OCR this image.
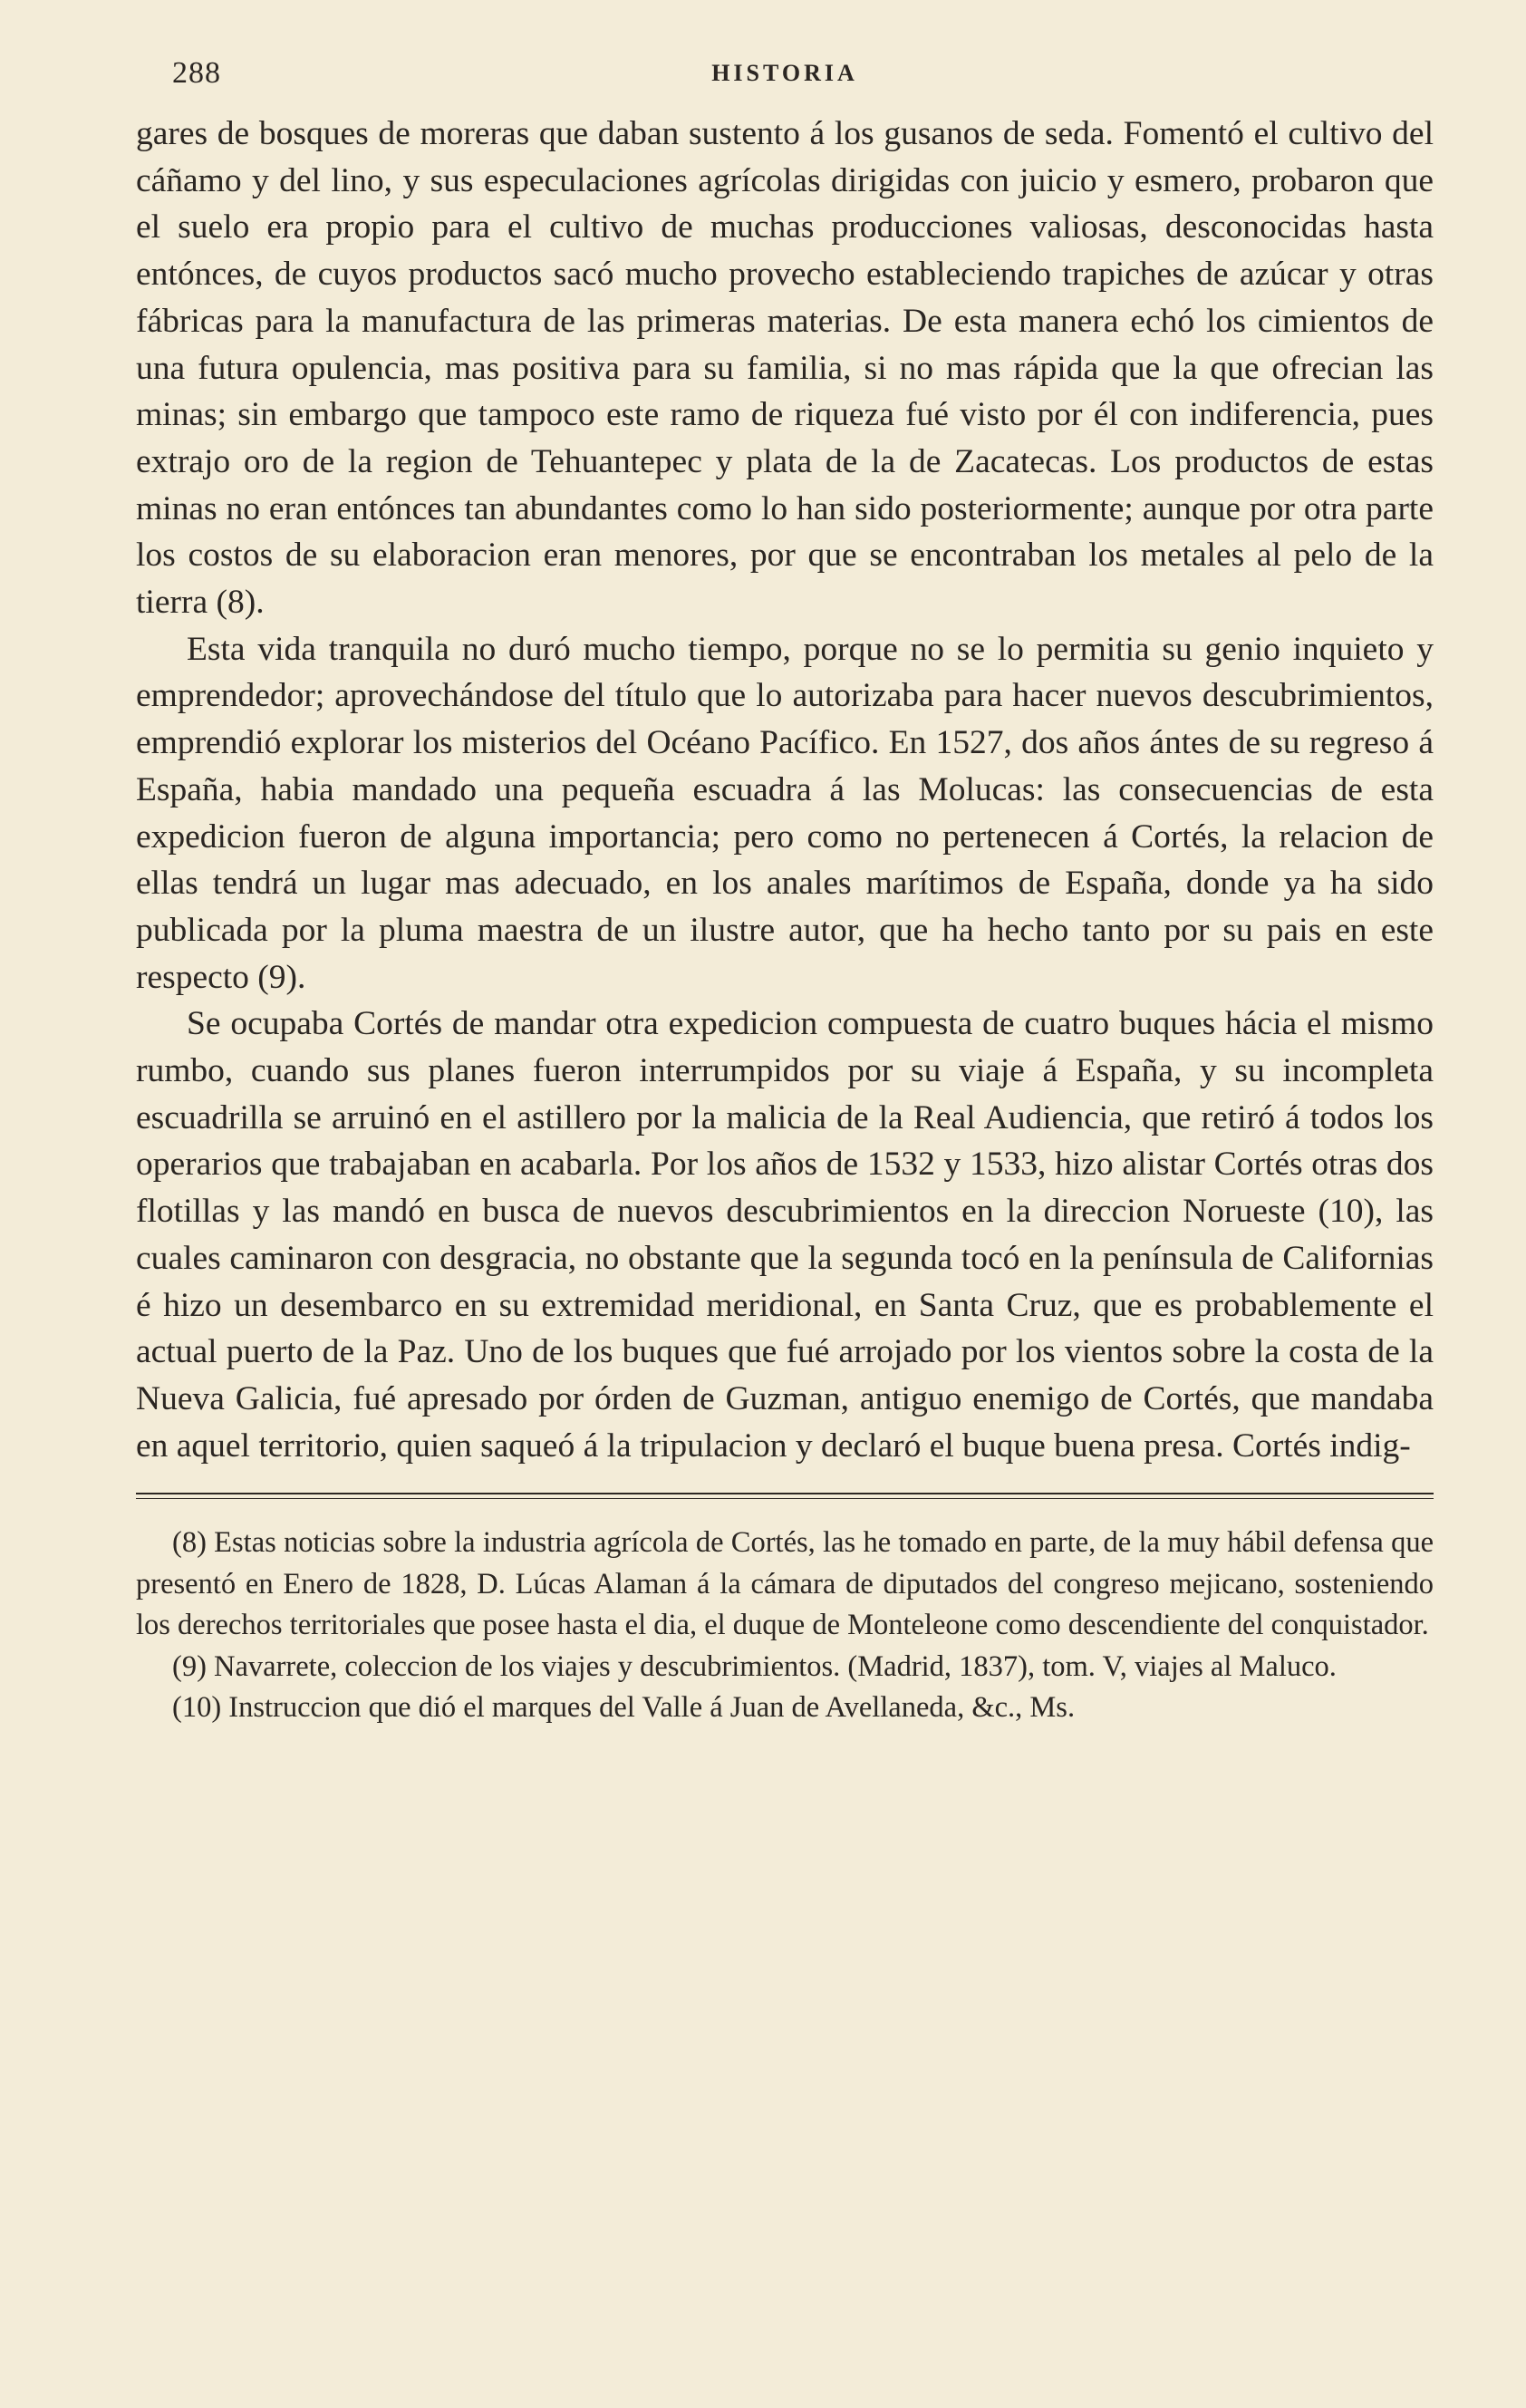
288	HISTORIA

gares de bosques de moreras que daban sustento á los gusanos de seda. Fomentó el cultivo del cáñamo y del lino, y sus especulaciones agrícolas dirigidas con juicio y esmero, probaron que el suelo era propio para el cultivo de muchas producciones valiosas, desconocidas hasta entónces, de cuyos productos sacó mucho provecho estableciendo trapiches de azúcar y otras fábricas para la manufactura de las primeras materias. De esta manera echó los cimientos de una futura opulencia, mas positiva para su familia, si no mas rápida que la que ofrecian las minas; sin embargo que tampoco este ramo de riqueza fué visto por él con indiferencia, pues extrajo oro de la region de Tehuantepec y plata de la de Zacatecas. Los productos de estas minas no eran entónces tan abundantes como lo han sido posteriormente; aunque por otra parte los costos de su elaboracion eran menores, por que se encontraban los metales al pelo de la tierra (8).

Esta vida tranquila no duró mucho tiempo, porque no se lo permitia su genio inquieto y emprendedor; aprovechándose del título que lo autorizaba para hacer nuevos descubrimientos, emprendió explorar los misterios del Océano Pacífico. En 1527, dos años ántes de su regreso á España, habia mandado una pequeña escuadra á las Molucas: las consecuencias de esta expedicion fueron de alguna importancia; pero como no pertenecen á Cortés, la relacion de ellas tendrá un lugar mas adecuado, en los anales marítimos de España, donde ya ha sido publicada por la pluma maestra de un ilustre autor, que ha hecho tanto por su pais en este respecto (9).

Se ocupaba Cortés de mandar otra expedicion compuesta de cuatro buques hácia el mismo rumbo, cuando sus planes fueron interrumpidos por su viaje á España, y su incompleta escuadrilla se arruinó en el astillero por la malicia de la Real Audiencia, que retiró á todos los operarios que trabajaban en acabarla. Por los años de 1532 y 1533, hizo alistar Cortés otras dos flotillas y las mandó en busca de nuevos descubrimientos en la direccion Norueste (10), las cuales caminaron con desgracia, no obstante que la segunda tocó en la península de Californias é hizo un desembarco en su extremidad meridional, en Santa Cruz, que es probablemente el actual puerto de la Paz. Uno de los buques que fué arrojado por los vientos sobre la costa de la Nueva Galicia, fué apresado por órden de Guzman, antiguo enemigo de Cortés, que mandaba en aquel territorio, quien saqueó á la tripulacion y declaró el buque buena presa. Cortés indig-

(8) Estas noticias sobre la industria agrícola de Cortés, las he tomado en parte, de la muy hábil defensa que presentó en Enero de 1828, D. Lúcas Alaman á la cámara de diputados del congreso mejicano, sosteniendo los derechos territoriales que posee hasta el dia, el duque de Monteleone como descendiente del conquistador.

(9) Navarrete, coleccion de los viajes y descubrimientos. (Madrid, 1837), tom. V, viajes al Maluco.

(10) Instruccion que dió el marques del Valle á Juan de Avellaneda, &c., Ms.
